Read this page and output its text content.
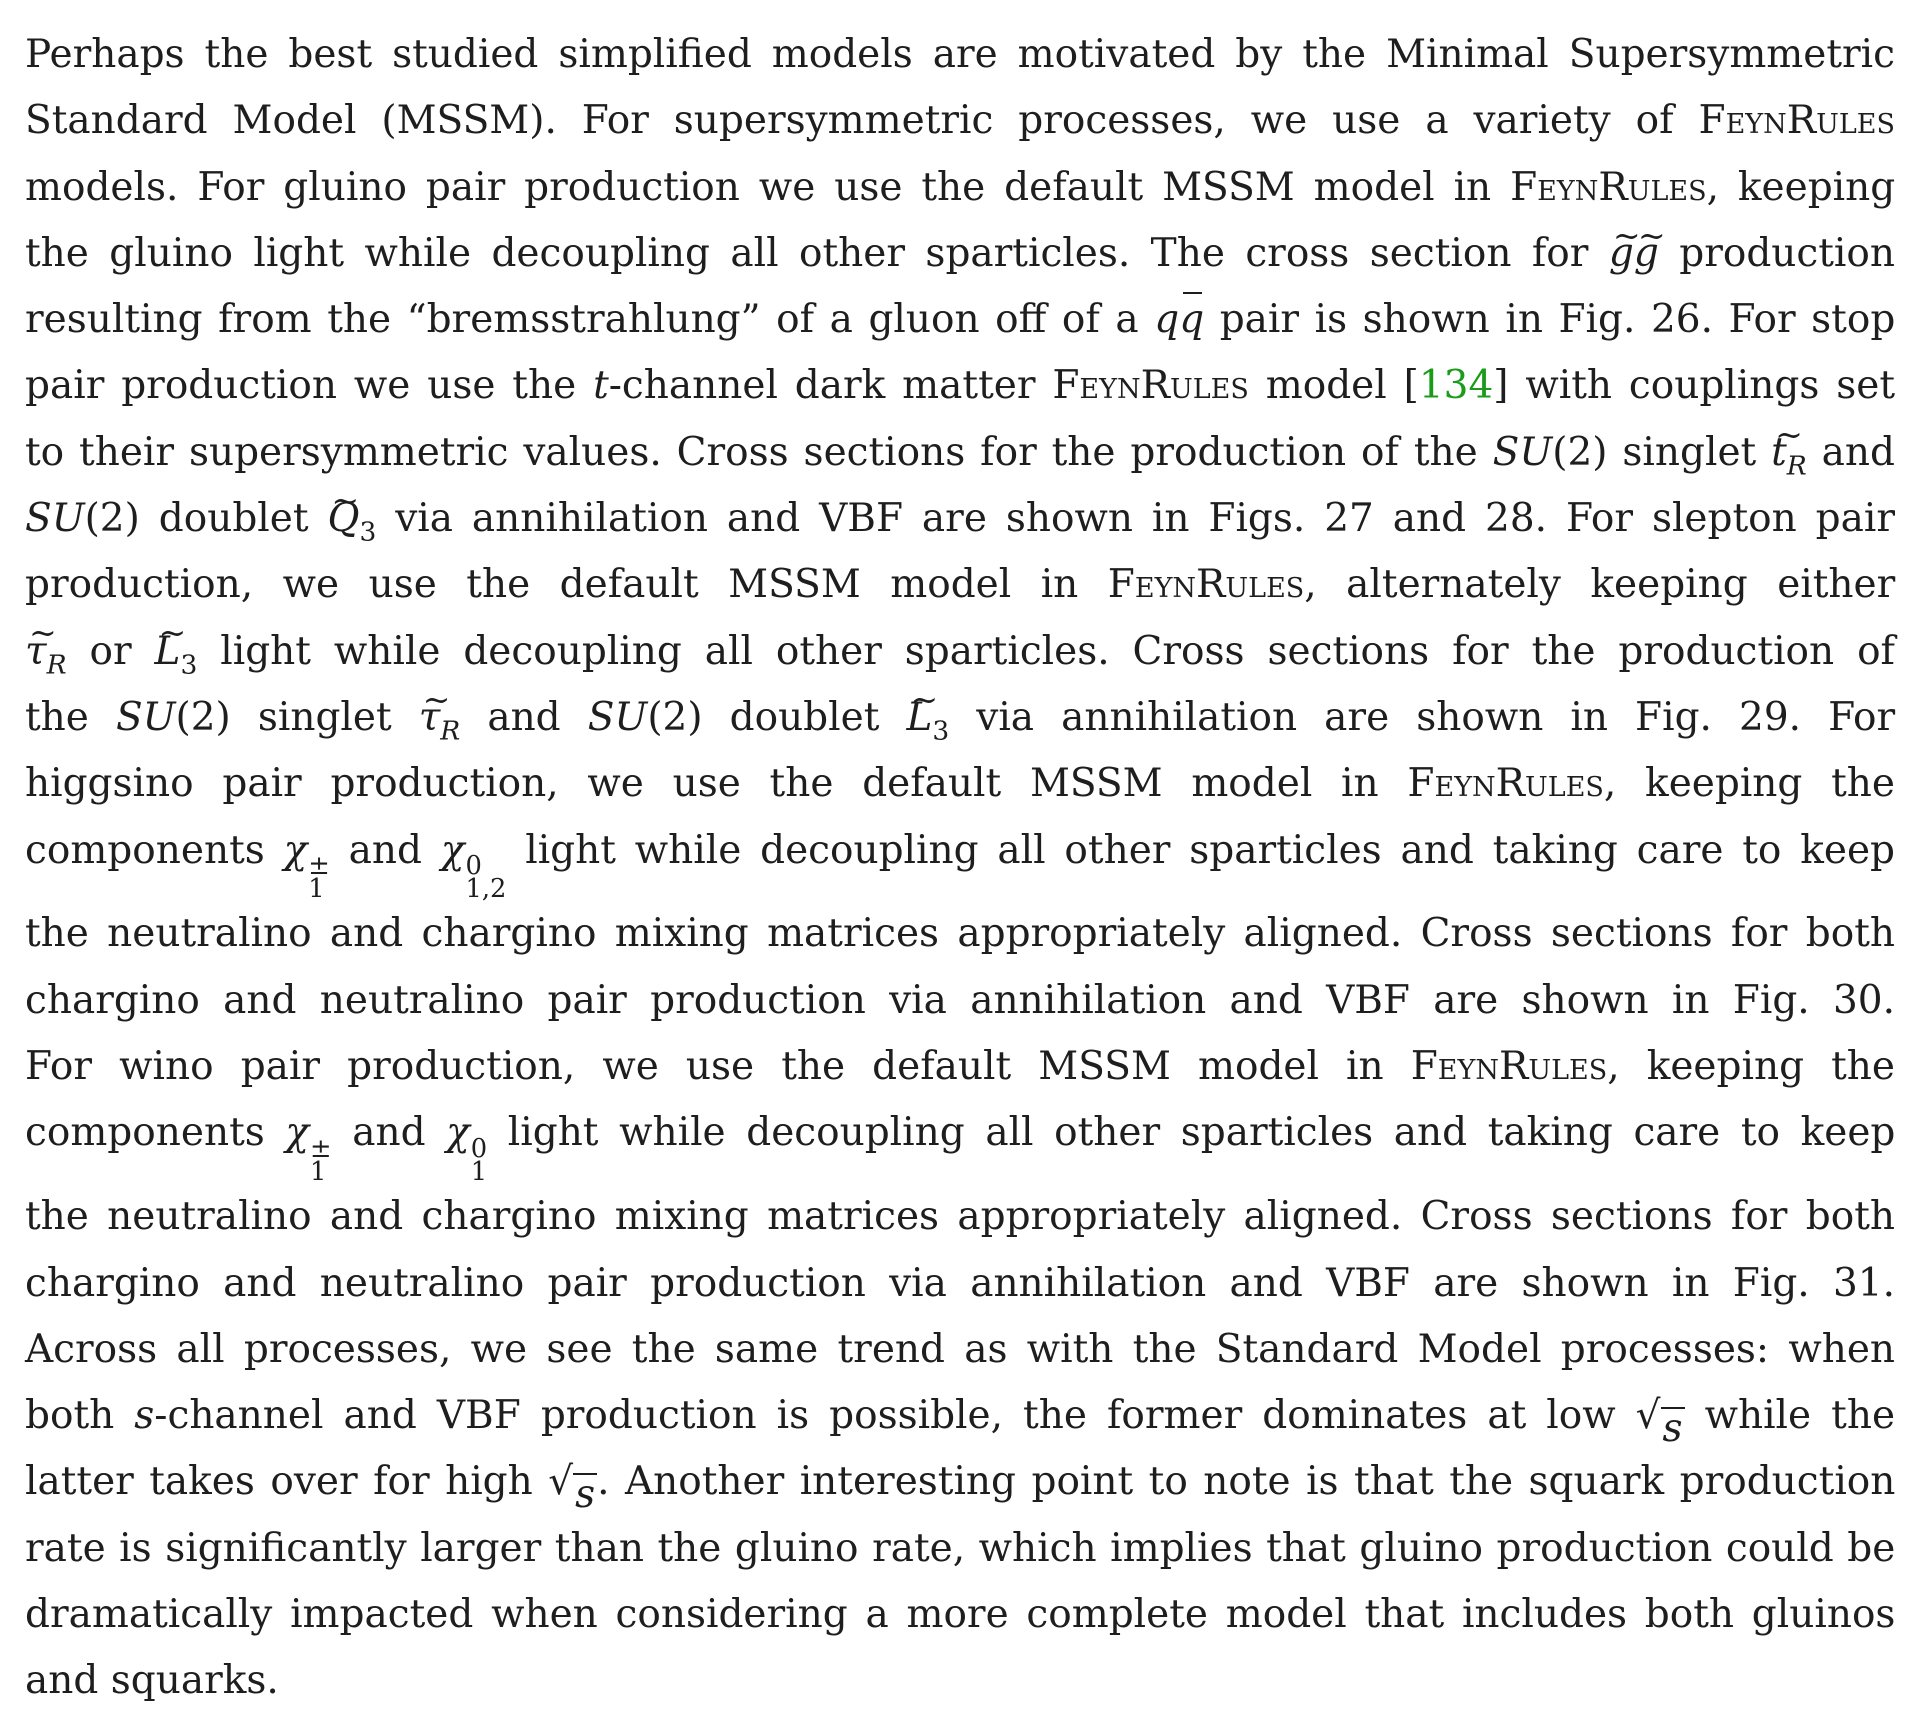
Perhaps the best studied simplified models are motivated by the Minimal Supersymmetric
Standard Model (MSSM). For supersymmetric processes, we use a variety of FeynRules
models. For gluino pair production we use the default MSSM model in FeynRules, keeping
the gluino light while decoupling all other sparticles. The cross section for ~ g~ g production
resulting from the “bremsstrahlung” of a gluon off of a qq pair is shown in Fig. 26. For stop
pair production we use the t-channel dark matter FeynRules model [134] with couplings set
to their supersymmetric values. Cross sections for the production of the SU(2) singlet ~ $t_R$ and
SU(2) doublet ~ $Q_3$ via annihilation and VBF are shown in Figs. 27 and 28. For slepton pair
production, we use the default MSSM model in FeynRules, alternately keeping either
~ $\tau_R$ or ~ $L_3$ light while decoupling all other sparticles. Cross sections for the production of
the SU(2) singlet ~ $\tau_R$ and SU(2) doublet ~ $L_3$ via annihilation are shown in Fig. 29. For
higgsino pair production, we use the default MSSM model in FeynRules, keeping the
components χ ±
1
and χ 0
1,2
light while decoupling all other sparticles and taking care to keep
the neutralino and chargino mixing matrices appropriately aligned. Cross sections for both
chargino and neutralino pair production via annihilation and VBF are shown in Fig. 30.
For wino pair production, we use the default MSSM model in FeynRules, keeping the
components χ ±
1
and χ 0
1
light while decoupling all other sparticles and taking care to keep
the neutralino and chargino mixing matrices appropriately aligned. Cross sections for both
chargino and neutralino pair production via annihilation and VBF are shown in Fig. 31.
Across all processes, we see the same trend as with the Standard Model processes: when
both s-channel and VBF production is possible, the former dominates at low √ s while the
latter takes over for high √ s . Another interesting point to note is that the squark production
rate is significantly larger than the gluino rate, which implies that gluino production could be
dramatically impacted when considering a more complete model that includes both gluinos
and squarks.
